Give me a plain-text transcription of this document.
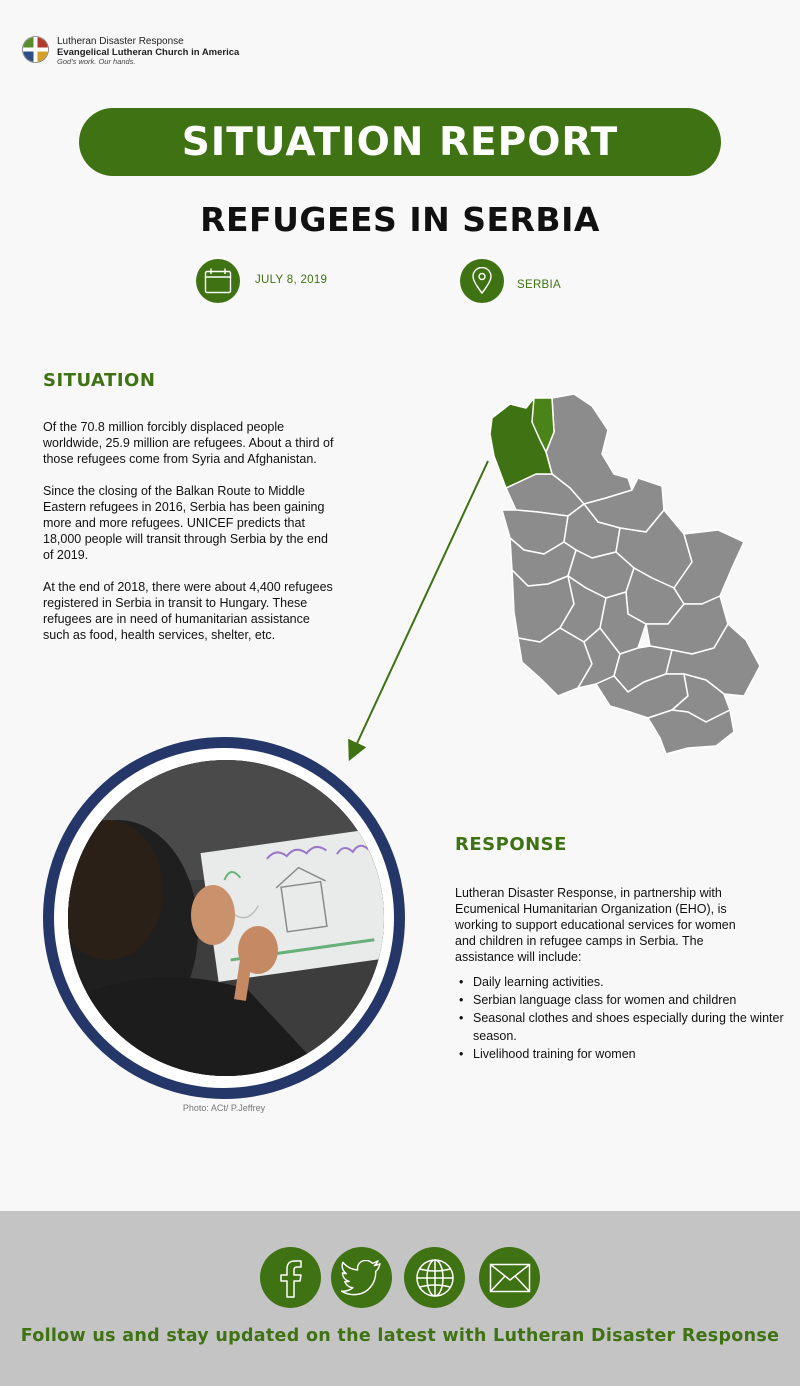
Lutheran Disaster Response
Evangelical Lutheran Church in America
God's work. Our hands.
SITUATION REPORT
REFUGEES IN SERBIA
JULY 8, 2019	SERBIA
SITUATION

Of the 70.8 million forcibly displaced people worldwide, 25.9 million are refugees. About a third of those refugees come from Syria and Afghanistan.

Since the closing of the Balkan Route to Middle Eastern refugees in 2016, Serbia has been gaining more and more refugees. UNICEF predicts that 18,000 people will transit through Serbia by the end of 2019.

At the end of 2018, there were about 4,400 refugees registered in Serbia in transit to Hungary. These refugees are in need of humanitarian assistance such as food, health services, shelter, etc.

Photo: ACt/ P.Jeffrey
RESPONSE
Lutheran Disaster Response, in partnership with Ecumenical Humanitarian Organization (EHO), is working to support educational services for women and children in refugee camps in Serbia. The assistance will include:
• Daily learning activities.
• Serbian language class for women and children
• Seasonal clothes and shoes especially during the winter season.
• Livelihood training for women
Follow us and stay updated on the latest with Lutheran Disaster Response
